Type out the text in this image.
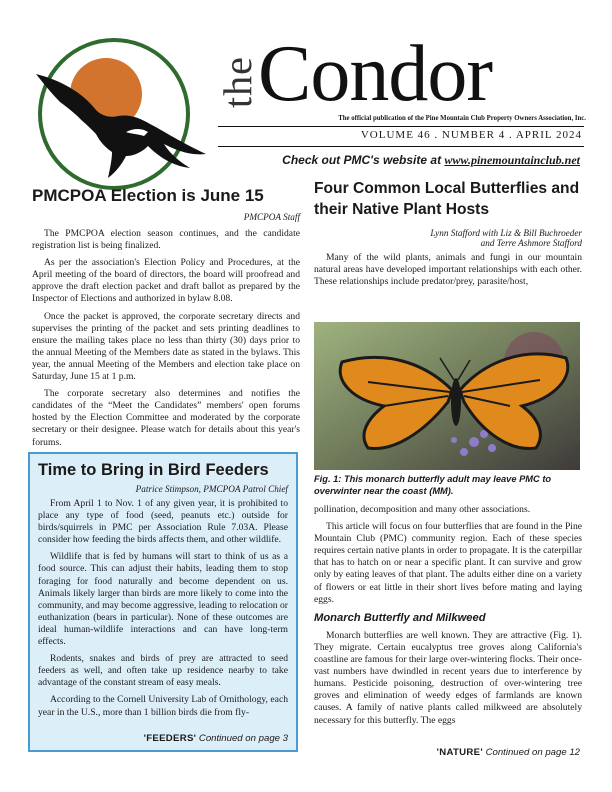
the
Condor
The official publication of the Pine Mountain Club Property Owners Association, Inc.
VOLUME 46 . NUMBER 4 . APRIL 2024
Check out PMC's website at www.pinemountainclub.net
PMCPOA Election is June 15
PMCPOA Staff

The PMCPOA election season continues, and the candidate registration list is being finalized.

As per the association's Election Policy and Procedures, at the April meeting of the board of directors, the board will proofread and approve the draft election packet and draft ballot as prepared by the Inspector of Elections and authorized in bylaw 8.08.

Once the packet is approved, the corporate secretary directs and supervises the printing of the packet and sets printing deadlines to ensure the mailing takes place no less than thirty (30) days prior to the annual Meeting of the Members date as stated in the bylaws. This year, the annual Meeting of the Members and election take place on Saturday, June 15 at 1 p.m.

The corporate secretary also determines and notifies the candidates of the “Meet the Candidates” members' open forums hosted by the Election Committee and moderated by the corporate secretary or their designee. Please watch for details about this year's forums.

Time to Bring in Bird Feeders
Patrice Stimpson, PMCPOA Patrol Chief

From April 1 to Nov. 1 of any given year, it is prohibited to place any type of food (seed, peanuts etc.) outside for birds/squirrels in PMC per Association Rule 7.03A. Please consider how feeding the birds affects them, and other wildlife.

Wildlife that is fed by humans will start to think of us as a food source. This can adjust their habits, leading them to stop foraging for food naturally and become dependent on us. Animals likely larger than birds are more likely to come into the community, and may become aggressive, leading to relocation or euthanization (bears in particular). None of these outcomes are ideal human-wildlife interactions and can have long-term effects.

Rodents, snakes and birds of prey are attracted to seed feeders as well, and often take up residence nearby to take advantage of the constant stream of easy meals.

According to the Cornell University Lab of Ornithology, each year in the U.S., more than 1 billion birds die from fly-

'FEEDERS' Continued on page 3
Four Common Local Butterflies and their Native Plant Hosts
Lynn Stafford with Liz & Bill Buchroeder
and Terre Ashmore Stafford

Many of the wild plants, animals and fungi in our mountain natural areas have developed important relationships with each other. These relationships include predator/prey, parasite/host,

Fig. 1: This monarch butterfly adult may leave PMC to overwinter near the coast (MM).

pollination, decomposition and many other associations.

This article will focus on four butterflies that are found in the Pine Mountain Club (PMC) community region. Each of these species requires certain native plants in order to propagate. It is the caterpillar that has to hatch on or near a specific plant. It can survive and grow only by eating leaves of that plant. The adults either dine on a variety of flowers or eat little in their short lives before mating and laying eggs.

Monarch Butterfly and Milkweed

Monarch butterflies are well known. They are attractive (Fig. 1). They migrate. Certain eucalyptus tree groves along California's coastline are famous for their large over-wintering flocks. Their once-vast numbers have dwindled in recent years due to interference by humans. Pesticide poisoning, destruction of over-wintering tree groves and elimination of weedy edges of farmlands are known causes. A family of native plants called milkweed are absolutely necessary for this butterfly. The eggs

'NATURE' Continued on page 12
